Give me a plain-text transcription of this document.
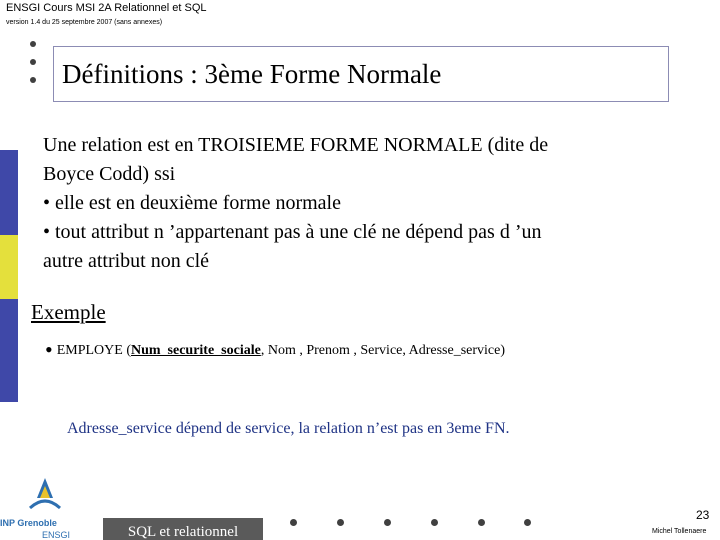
ENSGI Cours MSI 2A Relationnel et SQL
version 1.4 du 25 septembre 2007 (sans annexes)
Définitions : 3ème Forme Normale
Une relation est en TROISIEME FORME NORMALE (dite de
Boyce Codd) ssi
• elle est en deuxième forme normale
• tout attribut n ’appartenant pas à une clé ne dépend pas d ’un
autre attribut non clé
Exemple
• EMPLOYE (Num_securite_sociale, Nom , Prenom , Service, Adresse_service)
Adresse_service dépend de service, la relation n’est pas en 3eme FN.
INP Grenoble
ENSGI	SQL et relationnel
23
Michel Tollenaere
